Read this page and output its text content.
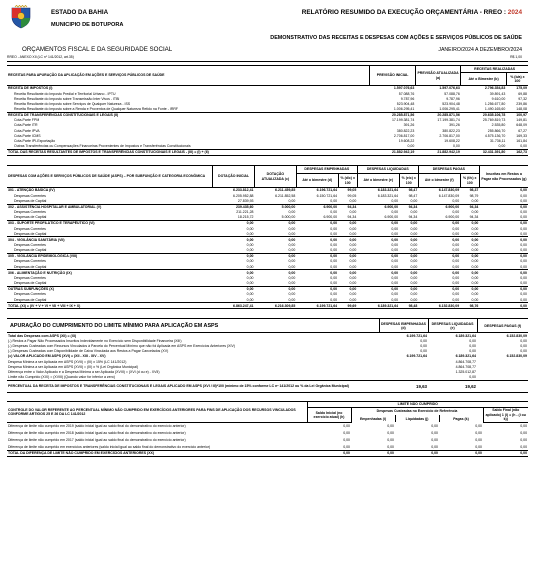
ESTADO DA BAHIA
MUNICIPIO DE BOTUPORA
RELATÓRIO RESUMIDO DA EXECUÇÃO ORÇAMENTÁRIA - RREO : 2024
DEMONSTRATIVO DAS RECEITAS E DESPESAS COM AÇÕES E SERVIÇOS PÚBLICOS DE SAÚDE
ORÇAMENTOS FISCAL E DA SEGURIDADE SOCIAL	JANEIRO/2024 A DEZEMBRO/2024
RREO - ANEXO XII (LC nº 141/2012, art.35)	R$ 1,00
RECEITAS PARA APURAÇÃO DA APLICAÇÃO EM AÇÕES E SERVIÇOS PÚBLICOS DE SAÚDE	PREVISÃO INICIAL	PREVISÃO ATUALIZADA (a)	RECEITAS REALIZADAS	
			Até o Bimestre (b)	% (b/a) x 100
RECEITA DE IMPOSTOS (I)	1.597.076,63	1.597.076,63	2.796.354,83	175,09
Receita Resultante do Imposto Predial e Territorial Urbano - IPTU	57.088,76	57.088,76	39.891,43	69,88
Receita Resultante do Imposto sobre Transmissão Inter Vivos - ITBI	9.787,96	9.787,96	9.610,00	97,32
Receita Resultante do Imposto sobre Serviços de Qualquer Natureza - ISS	523.904,48	523.904,48	1.256.677,80	239,86
Receita Resultante do Imposto sobre a Renda e Proventos de Qualquer Natureza Retido na Fonte - IRRF	1.006.295,41	1.006.295,41	1.490.165,60	148,08
RECEITA DE TRANSFERÊNCIAS CONSTITUCIONAIS E LEGAIS (II)	20.285.871,56	20.285.871,56	20.635.106,78	100,97
Cota-Parte FPM	17.199.381,74	17.199.381,74	25.769.819,73	149,81
Cota-Parte ITR	391,26	391,26	2.535,80	648,09
Cota-Parte IPVA	380.822,23	380.822,23	255.866,70	67,27
Cota-Parte ICMS	2.706.817,00	2.706.817,00	4.575.136,70	169,33
Cota-Parte IPI-Exportação	19.608,22	19.608,22	31.736,11	161,84
Outras Transferências ou Compensações Financeiras Provenientes de Impostos e Transferências Constitucionais	0,00	0,00	0,00	0,00
TOTAL DAS RECEITAS RESULTANTES DE IMPOSTOS E TRANSFERÊNCIAS CONSTITUCIONAIS E LEGAIS - (III) = (I) + (II)	21.882.942,19	21.882.942,19	32.431.391,80	162,73
DESPESAS COM AÇÕES E SERVIÇOS PÚBLICOS DE SAÚDE (ASPS) – POR SUBFUNÇÃO E CATEGORIA ECONÔMICA	DOTAÇÃO INICIAL	DOTAÇÃO ATUALIZADA (c)	DESPESAS EMPENHADAS		DESPESAS LIQUIDADAS		DESPESAS PAGAS		Inscritas em Restos a Pagar não Processados (g)
			Até o bimestre (d)	% (d/c) x 100	Até o bimestre (e)	% (e/c) x 100	Até o bimestre (f)	% (f/c) x 100	
301 - ATENÇÃO BÁSICA (IV)	6.233.812,41	6.211.459,85	6.196.721,64	99,05	6.183.321,64	98,47	6.147.830,09	98,37	0,00
Despesas Correntes	6.205.952,88	6.211.852,58	6.150.721,64	99,05	6.183.321,64	98,47	6.147.830,09	98,79	0,00
Despesas de Capital	27.839,93	0,00	0,00	0,00	0,00	0,00	0,00	0,00	0,00
302 - ASSISTÊNCIA HOSPITALAR E AMBULATORIAL (V)	239.435,60	5.000,00	6.900,00	94,34	6.900,00	94,34	6.900,00	94,34	0,00
Despesas Correntes	211.221,28	0,00	0,00	0,00	0,00	0,00	0,00	0,00	0,00
Despesas de Capital	18.215,72	5.000,00	6.900,00	94,34	6.900,00	94,34	6.900,00	94,34	0,00
303 - SUPORTE PROFILÁTICO E TERAPÊUTICO (VI)	0,00	0,00	0,00	0,00	0,00	0,00	0,00	0,00	0,00
Despesas Correntes	0,00	0,00	0,00	0,00	0,00	0,00	0,00	0,00	0,00
Despesas de Capital	0,00	0,00	0,00	0,00	0,00	0,00	0,00	0,00	0,00
304 - VIGILÂNCIA SANITÁRIA (VII)	0,00	0,00	0,00	0,00	0,00	0,00	0,00	0,00	0,00
Despesas Correntes	0,00	0,00	0,00	0,00	0,00	0,00	0,00	0,00	0,00
Despesas de Capital	0,00	0,00	0,00	0,00	0,00	0,00	0,00	0,00	0,00
305 - VIGILÂNCIA EPIDEMIOLÓGICA (VIII)	0,00	0,00	0,00	0,00	0,00	0,00	0,00	0,00	0,00
Despesas Correntes	0,00	0,00	0,00	0,00	0,00	0,00	0,00	0,00	0,00
Despesas de Capital	0,00	0,00	0,00	0,00	0,00	0,00	0,00	0,00	0,00
306 - ALIMENTAÇÃO E NUTRIÇÃO (IX)	0,00	0,00	0,00	0,00	0,00	0,00	0,00	0,00	0,00
Despesas Correntes	0,00	0,00	0,00	0,00	0,00	0,00	0,00	0,00	0,00
Despesas de Capital	0,00	0,00	0,00	0,00	0,00	0,00	0,00	0,00	0,00
OUTRAS SUBFUNÇÕES (X)	0,00	0,00	0,00	0,00	0,00	0,00	0,00	0,00	0,00
Despesas Correntes	0,00	0,00	0,00	0,00	0,00	0,00	0,00	0,00	0,00
Despesas de Capital	0,00	0,00	0,00	0,00	0,00	0,00	0,00	0,00	0,00
TOTAL (XI) = (IV + V + VI + VII + VIII + IX + X)	6.863.247,41	6.216.309,85	6.199.721,64	99,69	6.189.321,64	98,48	6.152.830,09	98,76	0,00
APURAÇÃO DO CUMPRIMENTO DO LIMITE MÍNIMO PARA APLICAÇÃO EM ASPS	DESPESAS EMPENHADAS (d)	DESPESAS LIQUIDADAS (e)	DESPESAS PAGAS (f)
Total das Despesas com ASPS (XII) = (XI)	6.199.721,64	6.189.321,64	6.152.830,09
(-) Restos a Pagar Não Processados Inscritos Indevidamente no Exercício sem Disponibilidade Financeira (XIII)	0,00	0,00	0,00
(-) Despesas Custeadas com Recursos Vinculados à Parcela do Percentual Mínimo que não foi Aplicada em ASPS em Exercícios Anteriores (XIV)	0,00	0,00	0,00
(-) Despesas Custeadas com Disponibilidade de Caixa Vinculada aos Restos a Pagar Cancelados (XV)	0,00	0,00	0,00
(=) VALOR APLICADO EM ASPS (XVI) = (XII - XIII - XIV - XV)	6.199.721,64	6.189.321,64	6.152.830,09
Despesa Mínima a ser Aplicada em ASPS (XVII) = (III) x 15% (LC 141/2012)		4.864.708,77	
Despesa Mínima a ser Aplicada em ASPS (XVII) = (III) x % (Lei Orgânica Municipal)		4.864.708,77	
Diferença entre o Valor Aplicado e a Despesa Mínima a ser Aplicada (XVIII) = (XVI (d ou e) - XVII)		1.325.012,87	
Limite não Cumprido (XIX) = (XVIII) (Quando valor for inferior a zero)		0,00	
PERCENTUAL DA RECEITA DE IMPOSTOS E TRANSFERÊNCIAS CONSTITUCIONAIS E LEGAIS APLICADO EM ASPS (XVI / III)*100 (mínimo de 15% conforme LC nº 141/2012 ou % da Lei Orgânica Municipal)	19,63	19,62	
CONTROLE DO VALOR REFERENTE AO PERCENTUAL MÍNIMO NÃO CUMPRIDO EM EXERCÍCIOS ANTERIORES PARA FINS DE APLICAÇÃO DOS RECURSOS VINCULADOS CONFORME ARTIGOS 25 E 26 DA LC 141/2012	LIMITE NÃO CUMPRIDO				
	Saldo Inicial (no exercício atual) (h)	Despesas Custeadas no Exercício de Referência			Saldo Final (não aplicado) 1 (l) = (h - (i ou k))
		Empenhadas (i)	Liquidadas (j)	Pagas (k)	
Diferença de limite não cumprido em 2019 (saldo inicial igual ao saldo final do demonstrativo do exercício anterior)	0,00	0,00	0,00	0,00	0,00
Diferença de limite não cumprido em 2018 (saldo inicial igual ao saldo final do demonstrativo do exercício anterior)	0,00	0,00	0,00	0,00	0,00
Diferença de limite não cumprido em 2017 (saldo inicial igual ao saldo final do demonstrativo do exercício anterior)	0,00	0,00	0,00	0,00	0,00
Diferença de limite não cumprido em exercícios anteriores (saldo inicial igual ao saldo final do demonstrativo do exercício anterior)	0,00	0,00	0,00	0,00	0,00
TOTAL DA DIFERENÇA DE LIMITE NÃO CUMPRIDO EM EXERCÍCIOS ANTERIORES (XX)	0,00	0,00	0,00	0,00	0,00
